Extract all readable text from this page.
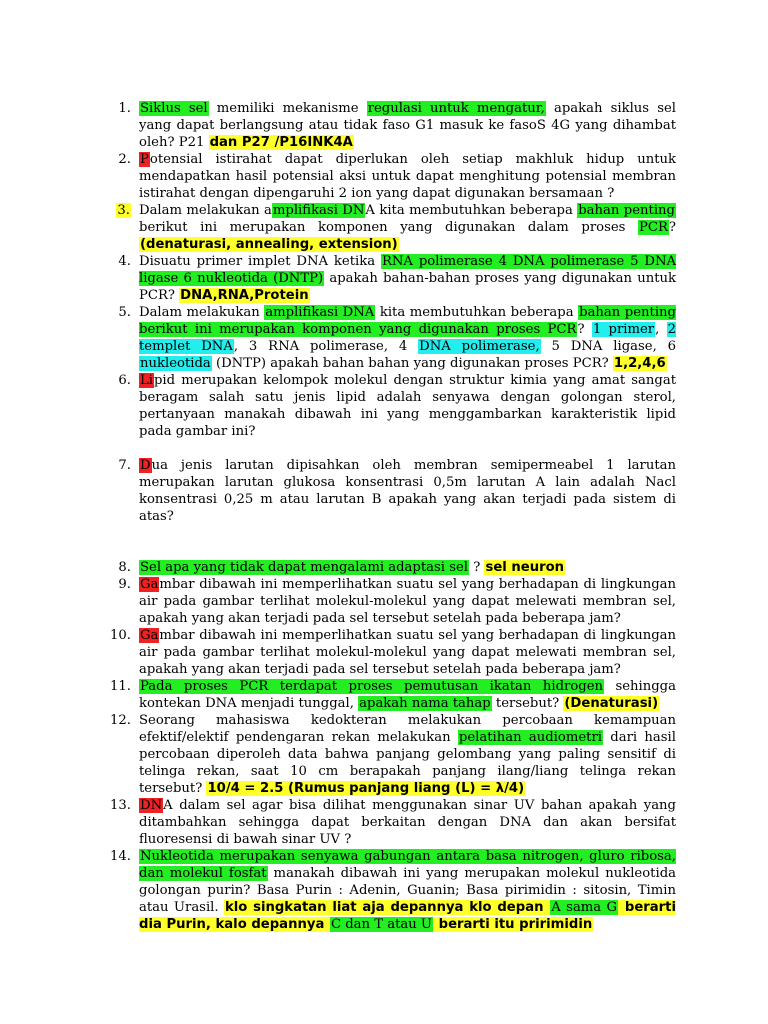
1. Siklus sel memiliki mekanisme regulasi untuk mengatur, apakah siklus sel yang dapat berlangsung atau tidak faso G1 masuk ke fasoS 4G yang dihambat oleh? P21 dan P27 /P16INK4A
2. Potensial istirahat dapat diperlukan oleh setiap makhluk hidup untuk mendapatkan hasil potensial aksi untuk dapat menghitung potensial membran istirahat dengan dipengaruhi 2 ion yang dapat digunakan bersamaan ?
3. Dalam melakukan amplifikasi DNA kita membutuhkan beberapa bahan penting berikut ini merupakan komponen yang digunakan dalam proses PCR? (denaturasi, annealing, extension)
4. Disuatu primer implet DNA ketika RNA polimerase 4 DNA polimerase 5 DNA ligase 6 nukleotida (DNTP) apakah bahan-bahan proses yang digunakan untuk PCR? DNA,RNA,Protein
5. Dalam melakukan amplifikasi DNA kita membutuhkan beberapa bahan penting berikut ini merupakan komponen yang digunakan proses PCR? 1 primer, 2 templet DNA, 3 RNA polimerase, 4 DNA polimerase, 5 DNA ligase, 6 nukleotida (DNTP) apakah bahan bahan yang digunakan proses PCR? 1,2,4,6
6. Lipid merupakan kelompok molekul dengan struktur kimia yang amat sangat beragam salah satu jenis lipid adalah senyawa dengan golongan sterol, pertanyaan manakah dibawah ini yang menggambarkan karakteristik lipid pada gambar ini?
7. Dua jenis larutan dipisahkan oleh membran semipermeabel 1 larutan merupakan larutan glukosa konsentrasi 0,5m larutan A lain adalah Nacl konsentrasi 0,25 m atau larutan B apakah yang akan terjadi pada sistem di atas?
8. Sel apa yang tidak dapat mengalami adaptasi sel ? sel neuron
9. Gambar dibawah ini memperlihatkan suatu sel yang berhadapan di lingkungan air pada gambar terlihat molekul-molekul yang dapat melewati membran sel, apakah yang akan terjadi pada sel tersebut setelah pada beberapa jam?
10. Gambar dibawah ini memperlihatkan suatu sel yang berhadapan di lingkungan air pada gambar terlihat molekul-molekul yang dapat melewati membran sel, apakah yang akan terjadi pada sel tersebut setelah pada beberapa jam?
11. Pada proses PCR terdapat proses pemutusan ikatan hidrogen sehingga kontekan DNA menjadi tunggal, apakah nama tahap tersebut? (Denaturasi)
12. Seorang mahasiswa kedokteran melakukan percobaan kemampuan efektif/elektif pendengaran rekan melakukan pelatihan audiometri dari hasil percobaan diperoleh data bahwa panjang gelombang yang paling sensitif di telinga rekan, saat 10 cm berapakah panjang ilang/liang telinga rekan tersebut? 10/4 = 2.5 (Rumus panjang liang (L) = λ/4)
13. DNA dalam sel agar bisa dilihat menggunakan sinar UV bahan apakah yang ditambahkan sehingga dapat berkaitan dengan DNA dan akan bersifat fluoresensi di bawah sinar UV ?
14. Nukleotida merupakan senyawa gabungan antara basa nitrogen, gluro ribosa, dan molekul fosfat manakah dibawah ini yang merupakan molekul nukleotida golongan purin? Basa Purin : Adenin, Guanin; Basa pirimidin : sitosin, Timin atau Urasil. klo singkatan liat aja depannya klo depan A sama G berarti dia Purin, kalo depannya C dan T atau U berarti itu pririmidin
